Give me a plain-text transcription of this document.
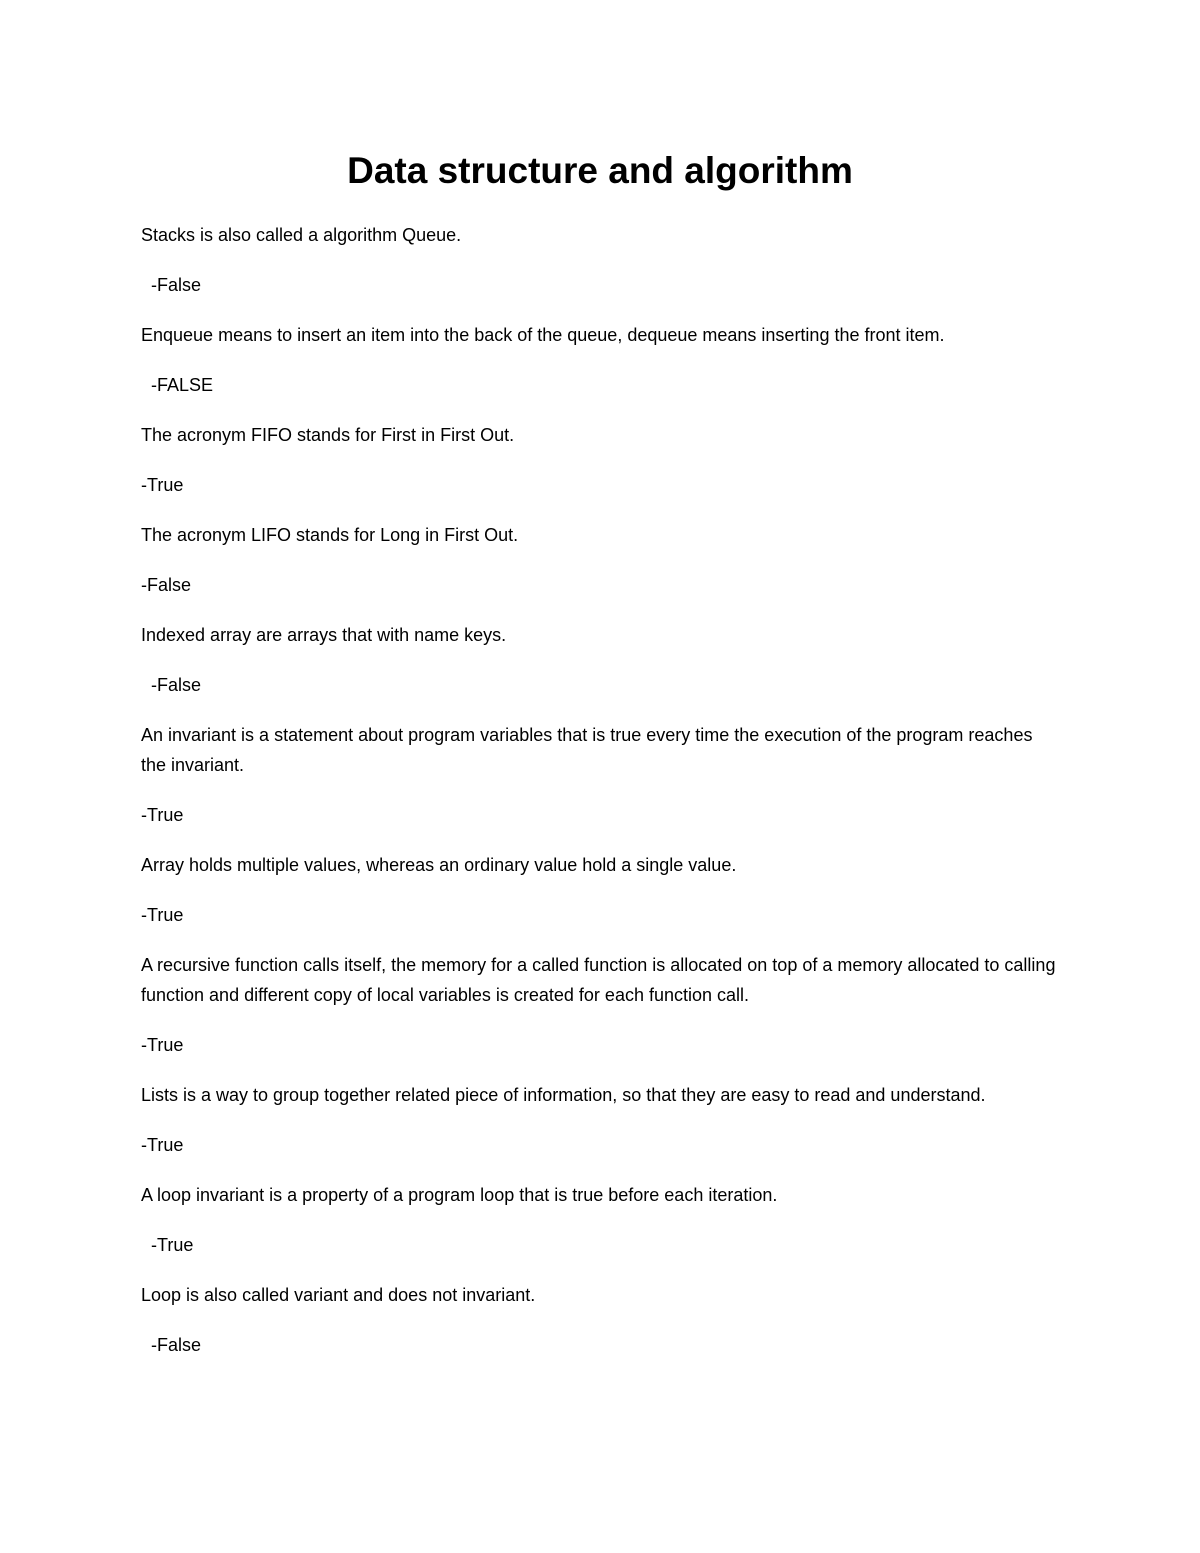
Data structure and algorithm

Stacks is also called a algorithm Queue.

-False

Enqueue means to insert an item into the back of the queue, dequeue means inserting the front item.

-FALSE

The acronym FIFO stands for First in First Out.

-True

The acronym LIFO stands for Long in First Out.

-False

Indexed array are arrays that with name keys.

-False

An invariant is a statement about program variables that is true every time the execution of the program reaches the invariant.

-True

Array holds multiple values, whereas an ordinary value hold a single value.

-True

A recursive function calls itself, the memory for a called function is allocated on top of a memory allocated to calling function and different copy of local variables is created for each function call.

-True

Lists is a way to group together related piece of information, so that they are easy to read and understand.

-True

A loop invariant is a property of a program loop that is true before each iteration.

-True

Loop is also called variant and does not invariant.

-False
